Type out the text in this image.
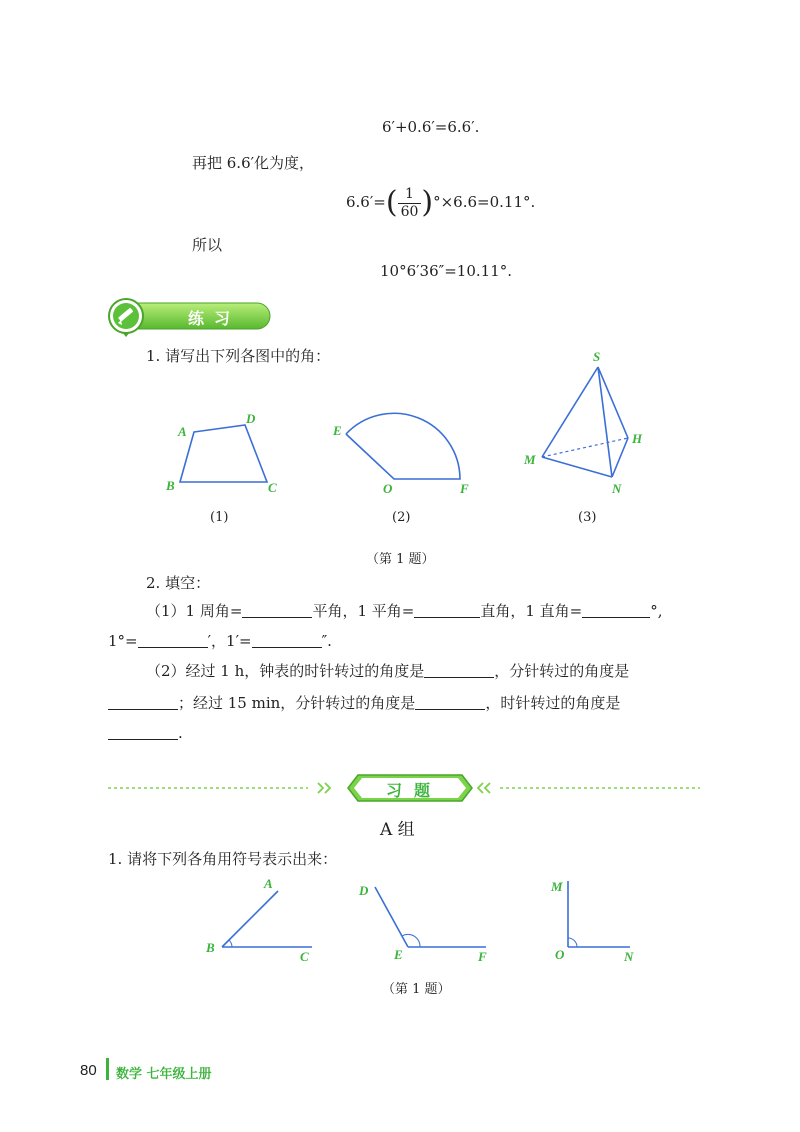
6′+0.6′=6.6′.
再把 6.6′化为度，
$6.6'=( \frac{1}{60} )^\circ\times 6.6=0.11^\circ$.
所以
10°6′36″=10.11°.
练习
1. 请写出下列各图中的角：
A
D
B	C
(1)
E
O	F
(2)
S
M
H
N
(3)
（第 1 题）
2. 填空：
（1）1 周角=	平角，1 平角=	直角，1 直角=	°,
1°=	′，1′=	″.
（2）经过 1 h，钟表的时针转过的角度是	，分针转过的角度是
；经过 15 min，分针转过的角度是	，时针转过的角度是
.
习题
A 组
1. 请将下列各角用符号表示出来：
A
B
C
D
E	F
M
O	N
（第 1 题）
80 数学 七年级上册
